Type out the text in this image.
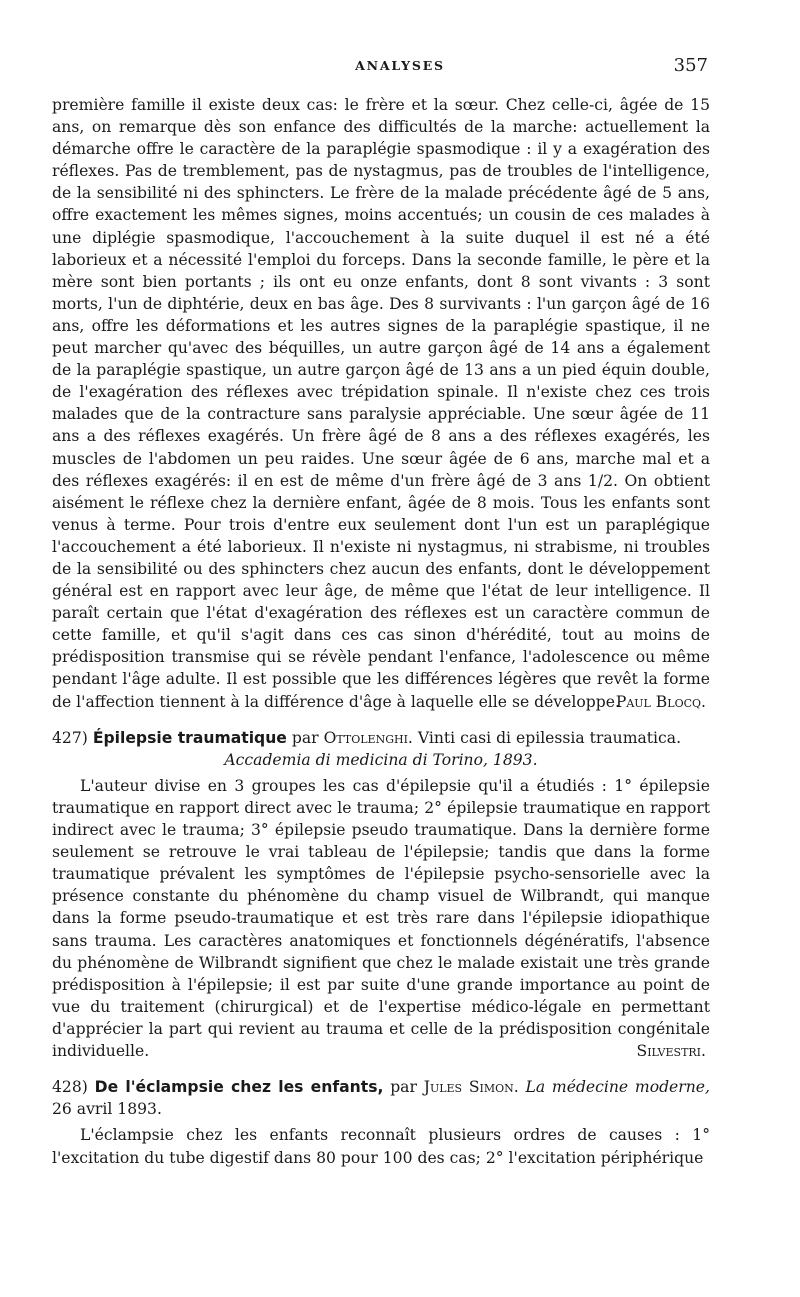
ANALYSES	357

première famille il existe deux cas: le frère et la sœur. Chez celle-ci, âgée de 15 ans, on remarque dès son enfance des difficultés de la marche: actuellement la démarche offre le caractère de la paraplégie spasmodique : il y a exagération des réflexes. Pas de tremblement, pas de nystagmus, pas de troubles de l'intelligence, de la sensibilité ni des sphincters. Le frère de la malade précédente âgé de 5 ans, offre exactement les mêmes signes, moins accentués; un cousin de ces malades à une diplégie spasmodique, l'accouchement à la suite duquel il est né a été laborieux et a nécessité l'emploi du forceps. Dans la seconde famille, le père et la mère sont bien portants ; ils ont eu onze enfants, dont 8 sont vivants : 3 sont morts, l'un de diphtérie, deux en bas âge. Des 8 survivants : l'un garçon âgé de 16 ans, offre les déformations et les autres signes de la paraplégie spastique, il ne peut marcher qu'avec des béquilles, un autre garçon âgé de 14 ans a également de la paraplégie spastique, un autre garçon âgé de 13 ans a un pied équin double, de l'exagération des réflexes avec trépidation spinale. Il n'existe chez ces trois malades que de la contracture sans paralysie appréciable. Une sœur âgée de 11 ans a des réflexes exagérés. Un frère âgé de 8 ans a des réflexes exagérés, les muscles de l'abdomen un peu raides. Une sœur âgée de 6 ans, marche mal et a des réflexes exagérés: il en est de même d'un frère âgé de 3 ans 1/2. On obtient aisément le réflexe chez la dernière enfant, âgée de 8 mois. Tous les enfants sont venus à terme. Pour trois d'entre eux seulement dont l'un est un paraplégique l'accouchement a été laborieux. Il n'existe ni nystagmus, ni strabisme, ni troubles de la sensibilité ou des sphincters chez aucun des enfants, dont le développement général est en rapport avec leur âge, de même que l'état de leur intelligence. Il paraît certain que l'état d'exagération des réflexes est un caractère commun de cette famille, et qu'il s'agit dans ces cas sinon d'hérédité, tout au moins de prédisposition transmise qui se révèle pendant l'enfance, l'adolescence ou même pendant l'âge adulte. Il est possible que les différences légères que revêt la forme de l'affection tiennent à la différence d'âge à laquelle elle se développe.

Paul Blocq.

427) Épilepsie traumatique par Ottolenghi. Vinti casi di epilessia traumatica.

Accademia di medicina di Torino, 1893.

L'auteur divise en 3 groupes les cas d'épilepsie qu'il a étudiés : 1° épilepsie traumatique en rapport direct avec le trauma; 2° épilepsie traumatique en rapport indirect avec le trauma; 3° épilepsie pseudo traumatique. Dans la dernière forme seulement se retrouve le vrai tableau de l'épilepsie; tandis que dans la forme traumatique prévalent les symptômes de l'épilepsie psycho-sensorielle avec la présence constante du phénomène du champ visuel de Wilbrandt, qui manque dans la forme pseudo-traumatique et est très rare dans l'épilepsie idiopathique sans trauma. Les caractères anatomiques et fonctionnels dégénératifs, l'absence du phénomène de Wilbrandt signifient que chez le malade existait une très grande prédisposition à l'épilepsie; il est par suite d'une grande importance au point de vue du traitement (chirurgical) et de l'expertise médico-légale en permettant d'apprécier la part qui revient au trauma et celle de la prédisposition congénitale individuelle.	Silvestri.

428) De l'éclampsie chez les enfants, par Jules Simon. La médecine moderne, 26 avril 1893.

L'éclampsie chez les enfants reconnaît plusieurs ordres de causes : 1° l'excitation du tube digestif dans 80 pour 100 des cas; 2° l'excitation périphérique
